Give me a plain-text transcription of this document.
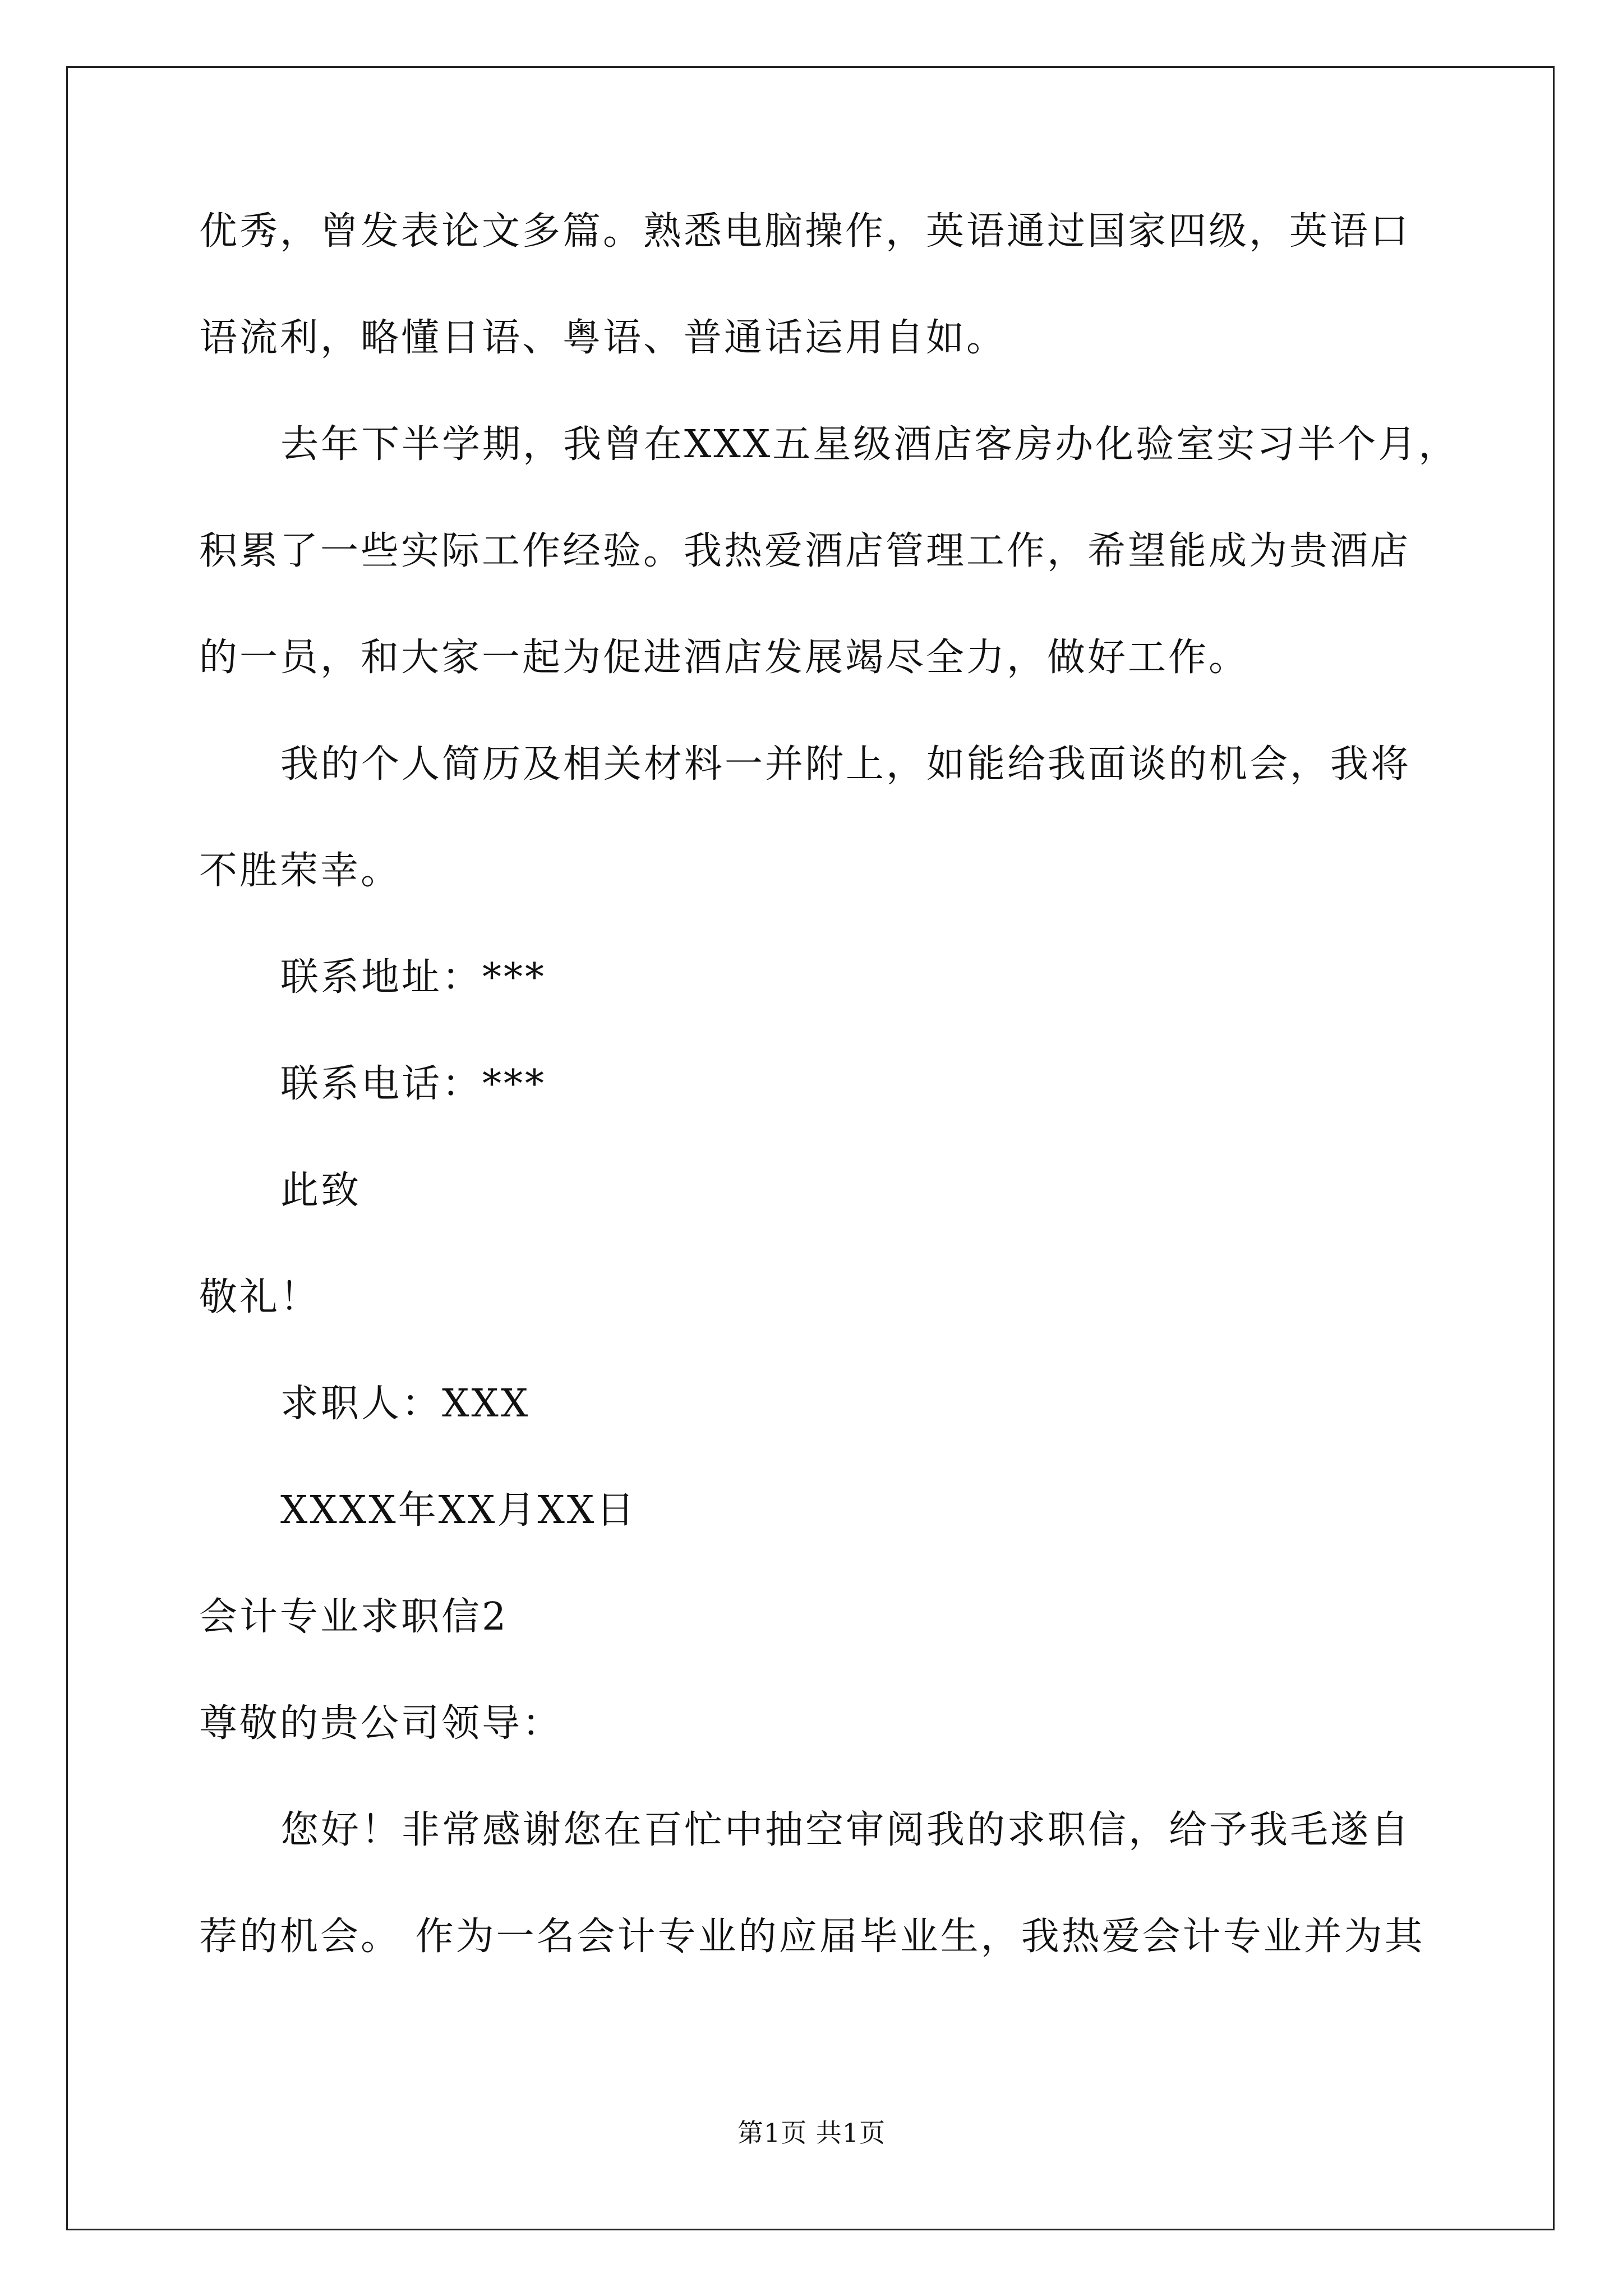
优秀，曾发表论文多篇。熟悉电脑操作，英语通过国家四级，英语口
语流利，略懂日语、粤语、普通话运用自如。
去年下半学期，我曾在XXX五星级酒店客房办化验室实习半个月，
积累了一些实际工作经验。我热爱酒店管理工作，希望能成为贵酒店
的一员，和大家一起为促进酒店发展竭尽全力，做好工作。
我的个人简历及相关材料一并附上，如能给我面谈的机会，我将
不胜荣幸。
联系地址：***
联系电话：***
此致
敬礼！
求职人：XXX
XXXX年XX月XX日
会计专业求职信2
尊敬的贵公司领导：
您好！非常感谢您在百忙中抽空审阅我的求职信，给予我毛遂自
荐的机会。 作为一名会计专业的应届毕业生，我热爱会计专业并为其
第1页 共1页
